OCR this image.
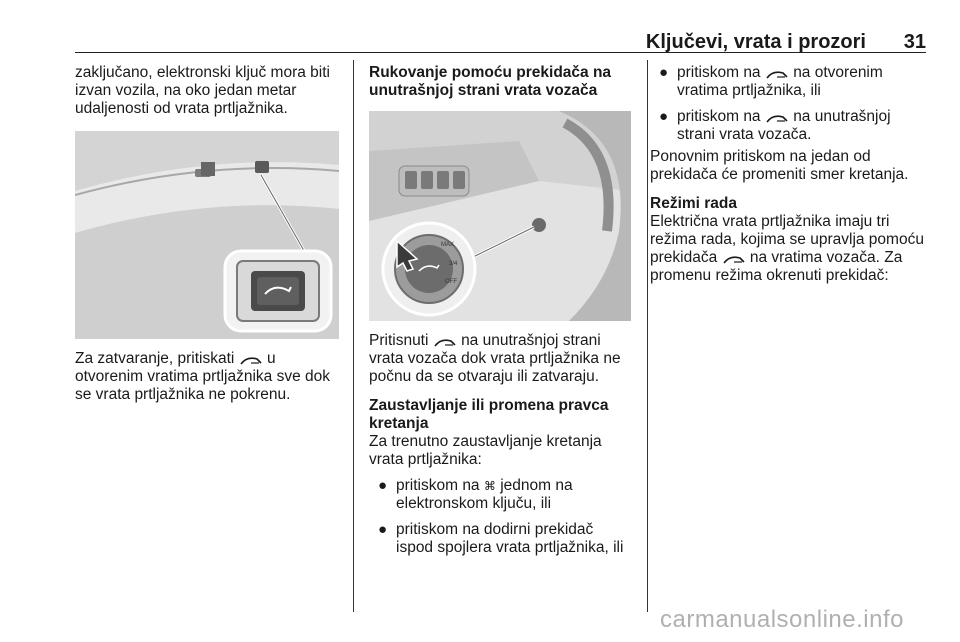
Ključevi, vrata i prozori	31

zaključano, elektronski ključ mora biti izvan vozila, na oko jedan metar udaljenosti od vrata prtljažnika.

Za zatvaranje, pritiskati u otvorenim vratima prtljažnika sve dok se vrata prtljažnika ne pokrenu.

Rukovanje pomoću prekidača na unutrašnjoj strani vrata vozača

MAX
3/4
OFF

Pritisnuti na unutrašnjoj strani vrata vozača dok vrata prtljažnika ne počnu da se otvaraju ili zatvaraju.

Zaustavljanje ili promena pravca kretanja

Za trenutno zaustavljanje kretanja vrata prtljažnika:

● pritiskom na ⌘ jednom na elektronskom ključu, ili
● pritiskom na dodirni prekidač ispod spojlera vrata prtljažnika, ili
● pritiskom na na otvorenim vratima prtljažnika, ili
● pritiskom na na unutrašnjoj strani vrata vozača.

Ponovnim pritiskom na jedan od prekidača će promeniti smer kretanja.

Režimi rada

Električna vrata prtljažnika imaju tri režima rada, kojima se upravlja pomoću prekidača na vratima vozača. Za promenu režima okrenuti prekidač:

carmanualsonline.info
